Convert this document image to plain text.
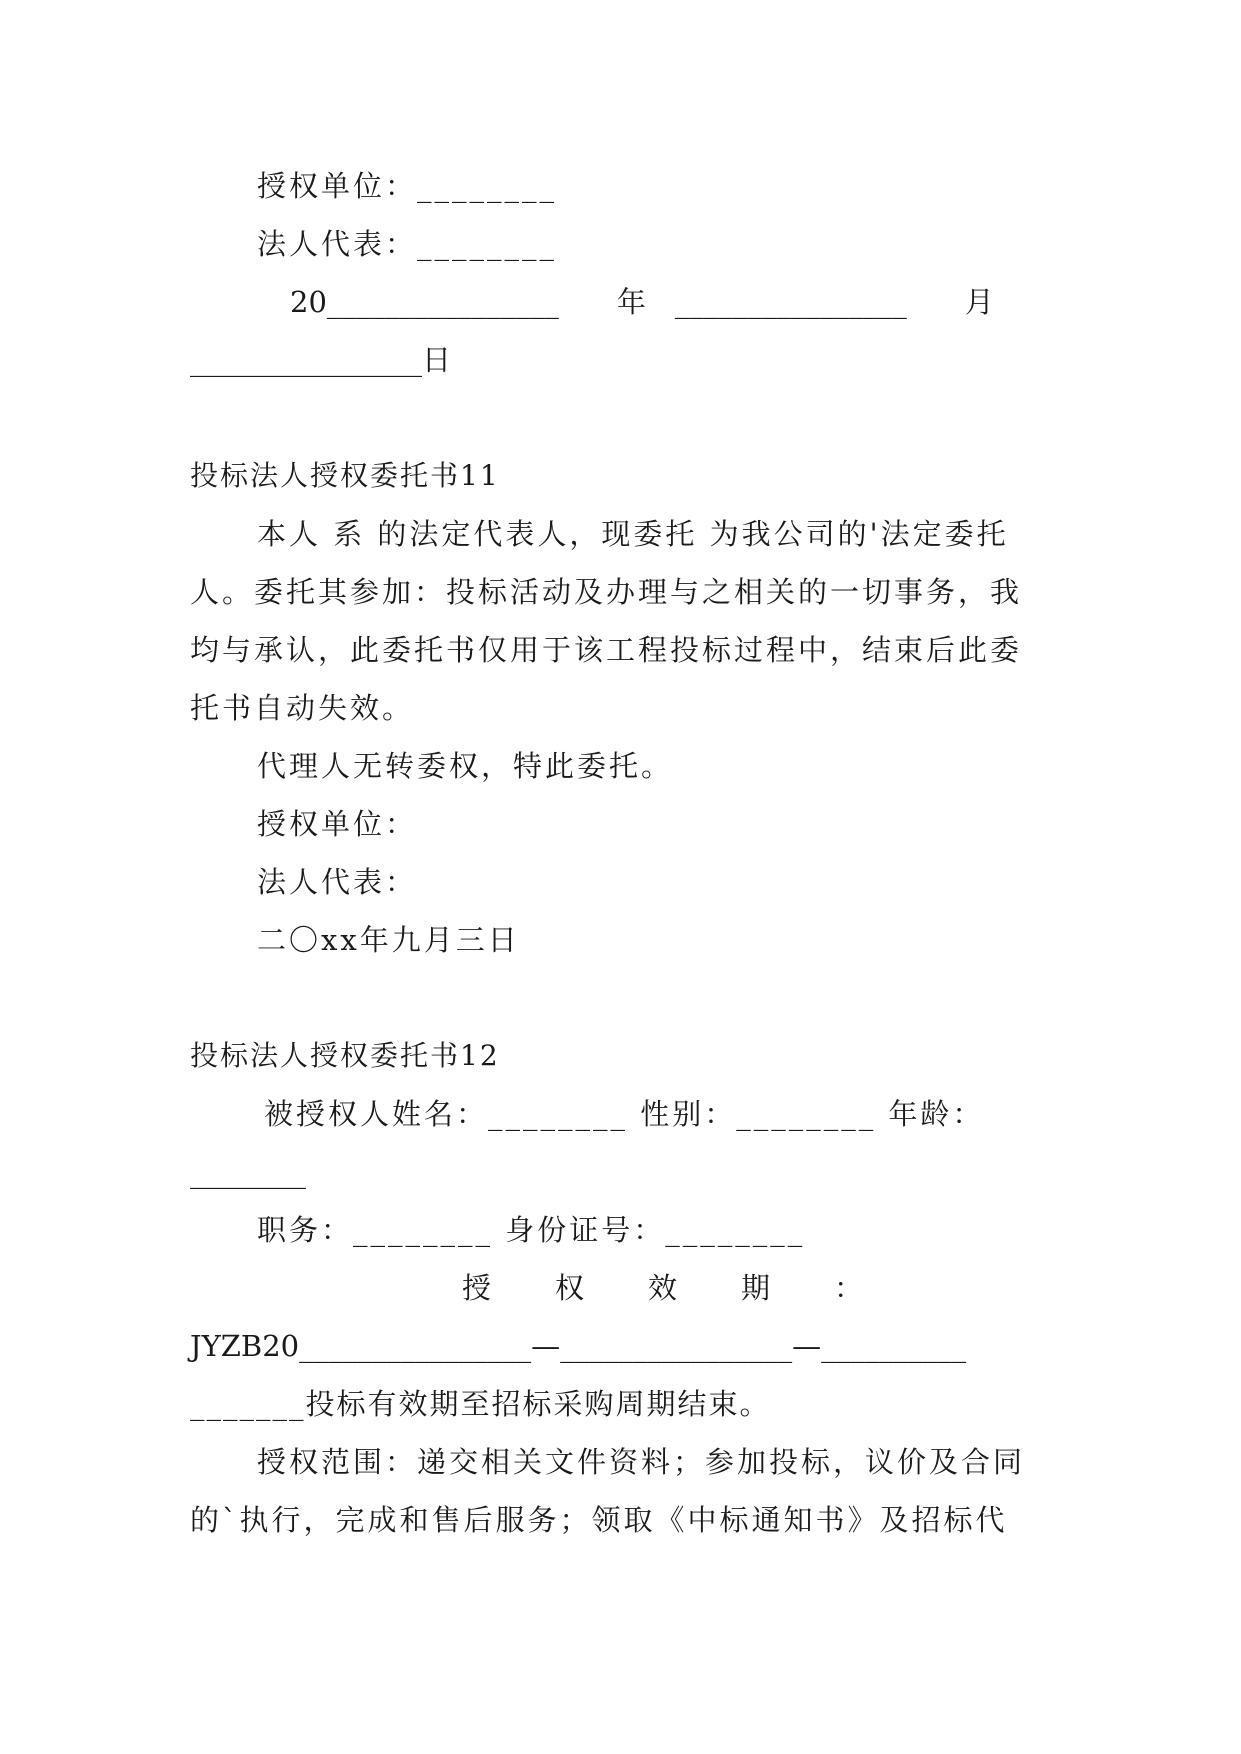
授权单位：________
法人代表：________
20________________　　年　________________　　月
________________日
投标法人授权委托书11
本人 系 的法定代表人，现委托 为我公司的'法定委托
人。委托其参加：投标活动及办理与之相关的一切事务，我
均与承认，此委托书仅用于该工程投标过程中，结束后此委
托书自动失效。
代理人无转委权，特此委托。
授权单位：
法人代表：
二〇xx年九月三日
投标法人授权委托书12
被授权人姓名：________ 性别：________ 年龄：
________
职务：________ 身份证号：________
授　　权　　效　　期　　：
JYZB20________________—________________—__________
_______投标有效期至招标采购周期结束。
授权范围：递交相关文件资料；参加投标，议价及合同
的`执行，完成和售后服务；领取《中标通知书》及招标代
